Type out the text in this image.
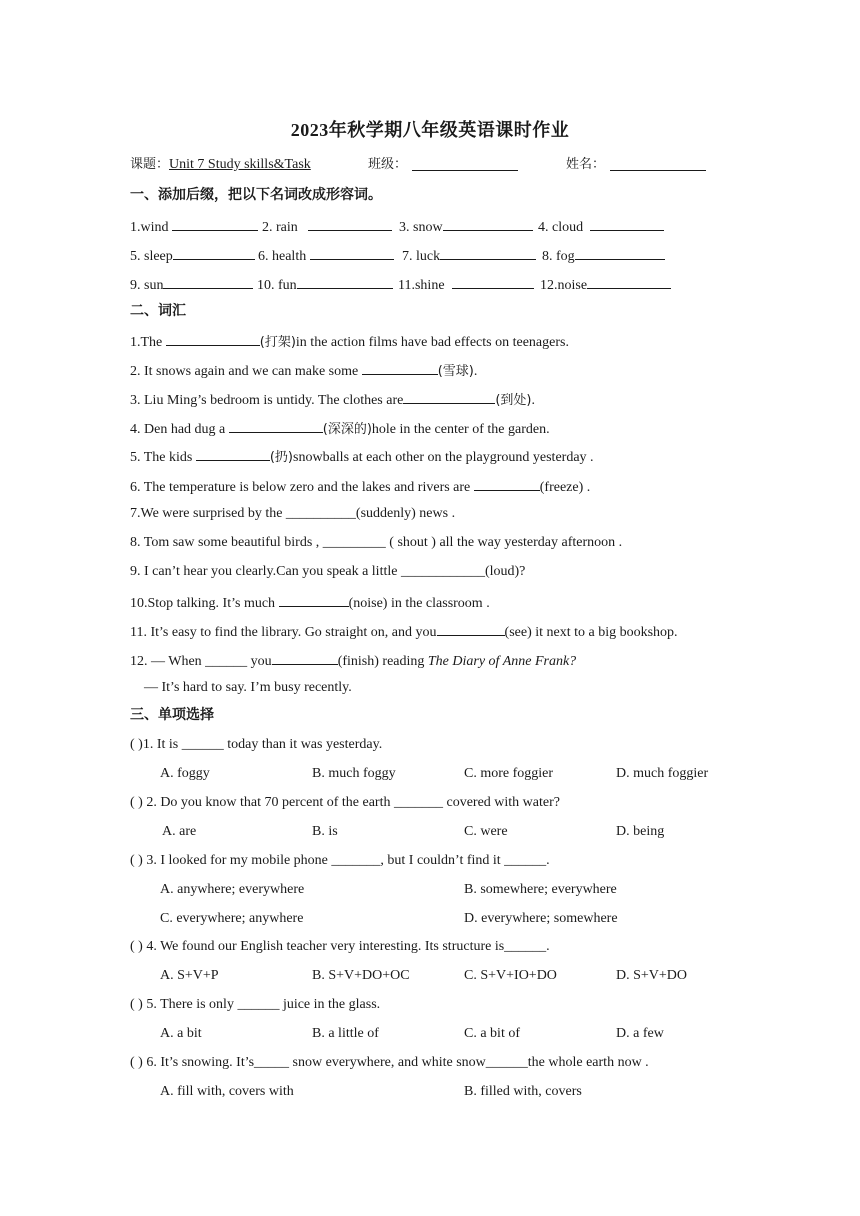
2023年秋学期八年级英语课时作业
课题：Unit 7 Study skills&Task	班级：	姓名：
一、添加后缀，把以下名词改成形容词。
1.wind	2. rain	3. snow	4. cloud
5. sleep	6. health	7. luck	8. fog
9. sun	10. fun	11.shine	12.noise
二、词汇
1.The	(打架)in the action films have bad effects on teenagers.
2. It snows again and we can make some	(雪球).
3. Liu Ming’s bedroom is untidy. The clothes are	(到处).
4. Den had dug a	(深深的)hole in the center of the garden.
5. The kids	(扔)snowballs at each other on the playground yesterday .
6. The temperature is below zero and the lakes and rivers are	(freeze) .
7.We were surprised by the __________(suddenly) news .
8. Tom saw some beautiful birds , _________ ( shout ) all the way yesterday afternoon .
9. I can’t hear you clearly.Can you speak a little ____________(loud)?
10.Stop talking. It’s much	(noise) in the classroom .
11. It’s easy to find the library. Go straight on, and you	(see) it next to a big bookshop.
12. — When ______ you	(finish) reading The Diary of Anne Frank?
— It’s hard to say. I’m busy recently.
三、单项选择
( )1. It is ______ today than it was yesterday.
A. foggy	B. much foggy	C. more foggier	D. much foggier
( ) 2. Do you know that 70 percent of the earth _______ covered with water?
A. are	B. is	C. were	D. being
( ) 3. I looked for my mobile phone _______, but I couldn’t find it ______.
A. anywhere; everywhere	B. somewhere; everywhere
C. everywhere; anywhere	D. everywhere; somewhere
( ) 4. We found our English teacher very interesting. Its structure is______.
A. S+V+P	B. S+V+DO+OC	C. S+V+IO+DO	D. S+V+DO
( ) 5. There is only ______ juice in the glass.
A. a bit	B. a little of	C. a bit of	D. a few
( ) 6. It’s snowing. It’s_____ snow everywhere, and white snow______the whole earth now .
A. fill with, covers with	B. filled with, covers
